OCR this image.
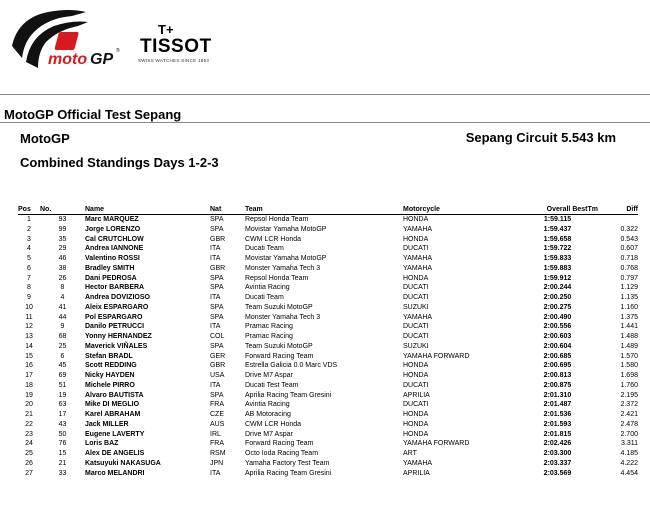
moto GP ®
T+
TISSOT
SWISS WATCHES SINCE 1853
MotoGP Official Test Sepang
MotoGP	Sepang Circuit 5.543 km
Combined Standings Days 1-2-3
Pos	No.	Name	Nat	Team	Motorcycle	Overall BestTm	Diff
1	93	Marc MARQUEZ	SPA	Repsol Honda Team	HONDA	1:59.115	
2	99	Jorge LORENZO	SPA	Movistar Yamaha MotoGP	YAMAHA	1:59.437	0.322
3	35	Cal CRUTCHLOW	GBR	CWM LCR Honda	HONDA	1:59.658	0.543
4	29	Andrea IANNONE	ITA	Ducati Team	DUCATI	1:59.722	0.607
5	46	Valentino ROSSI	ITA	Movistar Yamaha MotoGP	YAMAHA	1:59.833	0.718
6	38	Bradley SMITH	GBR	Monster Yamaha Tech 3	YAMAHA	1:59.883	0.768
7	26	Dani PEDROSA	SPA	Repsol Honda Team	HONDA	1:59.912	0.797
8	8	Hector BARBERA	SPA	Avintia Racing	DUCATI	2:00.244	1.129
9	4	Andrea DOVIZIOSO	ITA	Ducati Team	DUCATI	2:00.250	1.135
10	41	Aleix ESPARGARO	SPA	Team Suzuki MotoGP	SUZUKI	2:00.275	1.160
11	44	Pol ESPARGARO	SPA	Monster Yamaha Tech 3	YAMAHA	2:00.490	1.375
12	9	Danilo PETRUCCI	ITA	Pramac Racing	DUCATI	2:00.556	1.441
13	68	Yonny HERNANDEZ	COL	Pramac Racing	DUCATI	2:00.603	1.488
14	25	Maverick VIÑALES	SPA	Team Suzuki MotoGP	SUZUKI	2:00.604	1.489
15	6	Stefan BRADL	GER	Forward Racing Team	YAMAHA FORWARD	2:00.685	1.570
16	45	Scott REDDING	GBR	Estrella Galicia 0.0 Marc VDS	HONDA	2:00.695	1.580
17	69	Nicky HAYDEN	USA	Drive M7 Aspar	HONDA	2:00.813	1.698
18	51	Michele PIRRO	ITA	Ducati Test Team	DUCATI	2:00.875	1.760
19	19	Alvaro BAUTISTA	SPA	Aprilia Racing Team Gresini	APRILIA	2:01.310	2.195
20	63	Mike DI MEGLIO	FRA	Avintia Racing	DUCATI	2:01.487	2.372
21	17	Karel ABRAHAM	CZE	AB Motoracing	HONDA	2:01.536	2.421
22	43	Jack MILLER	AUS	CWM LCR Honda	HONDA	2:01.593	2.478
23	50	Eugene LAVERTY	IRL	Drive M7 Aspar	HONDA	2:01.815	2.700
24	76	Loris BAZ	FRA	Forward Racing Team	YAMAHA FORWARD	2:02.426	3.311
25	15	Alex DE ANGELIS	RSM	Octo Ioda Racing Team	ART	2:03.300	4.185
26	21	Katsuyuki NAKASUGA	JPN	Yamaha Factory Test Team	YAMAHA	2:03.337	4.222
27	33	Marco MELANDRI	ITA	Aprilia Racing Team Gresini	APRILIA	2:03.569	4.454
